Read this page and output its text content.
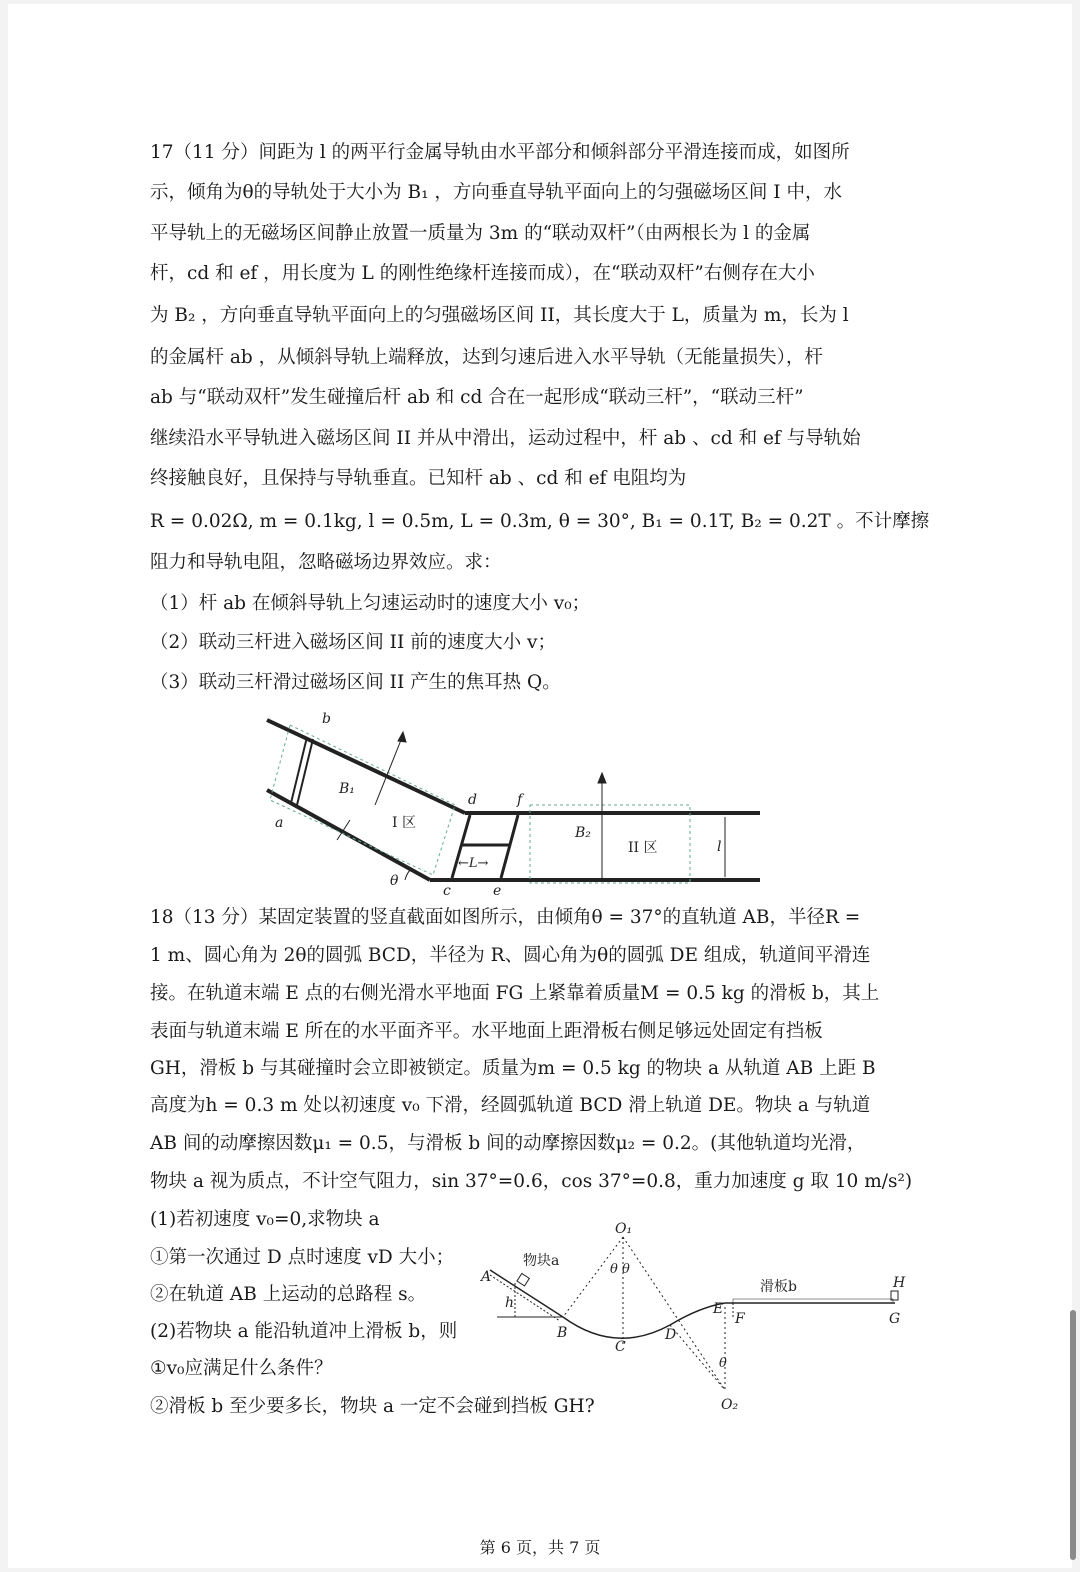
17（11 分）间距为 l 的两平行金属导轨由水平部分和倾斜部分平滑连接而成，如图所
示，倾角为θ的导轨处于大小为 B₁ ，方向垂直导轨平面向上的匀强磁场区间 I 中，水
平导轨上的无磁场区间静止放置一质量为 3m 的“联动双杆”（由两根长为 l 的金属
杆，cd 和 ef ，用长度为 L 的刚性绝缘杆连接而成），在“联动双杆”右侧存在大小
为 B₂ ，方向垂直导轨平面向上的匀强磁场区间 II，其长度大于 L，质量为 m，长为 l
的金属杆 ab ，从倾斜导轨上端释放，达到匀速后进入水平导轨（无能量损失），杆
ab 与“联动双杆”发生碰撞后杆 ab 和 cd 合在一起形成“联动三杆”，“联动三杆”
继续沿水平导轨进入磁场区间 II 并从中滑出，运动过程中，杆 ab 、cd 和 ef 与导轨始
终接触良好，且保持与导轨垂直。已知杆 ab 、cd 和 ef 电阻均为
R = 0.02Ω, m = 0.1kg, l = 0.5m, L = 0.3m, θ = 30°, B₁ = 0.1T, B₂ = 0.2T 。不计摩擦
阻力和导轨电阻，忽略磁场边界效应。求：
（1）杆 ab 在倾斜导轨上匀速运动时的速度大小 v₀；
（2）联动三杆进入磁场区间 II 前的速度大小 v；
（3）联动三杆滑过磁场区间 II 产生的焦耳热 Q。
b
a
B₁
I 区
d	f
B₂
II 区	l
←L→
θ
c	e
18（13 分）某固定装置的竖直截面如图所示，由倾角θ = 37°的直轨道 AB，半径R =
1 m、圆心角为 2θ的圆弧 BCD，半径为 R、圆心角为θ的圆弧 DE 组成，轨道间平滑连
接。在轨道末端 E 点的右侧光滑水平地面 FG 上紧靠着质量M = 0.5 kg 的滑板 b，其上
表面与轨道末端 E 所在的水平面齐平。水平地面上距滑板右侧足够远处固定有挡板
GH，滑板 b 与其碰撞时会立即被锁定。质量为m = 0.5 kg 的物块 a 从轨道 AB 上距 B
高度为h = 0.3 m 处以初速度 v₀ 下滑，经圆弧轨道 BCD 滑上轨道 DE。物块 a 与轨道
AB 间的动摩擦因数μ₁ = 0.5，与滑板 b 间的动摩擦因数μ₂ = 0.2。(其他轨道均光滑，
物块 a 视为质点，不计空气阻力，sin 37°=0.6，cos 37°=0.8，重力加速度 g 取 10 m/s²)
(1)若初速度 v₀=0,求物块 a
①第一次通过 D 点时速度 vD 大小；
②在轨道 AB 上运动的总路程 s。
(2)若物块 a 能沿轨道冲上滑板 b，则
①v₀应满足什么条件？
②滑板 b 至少要多长，物块 a 一定不会碰到挡板 GH?
O₁
A
物块a
h
θ θ
B
C
D
E
F
滑板b	H
G
θ
O₂
第 6 页，共 7 页
